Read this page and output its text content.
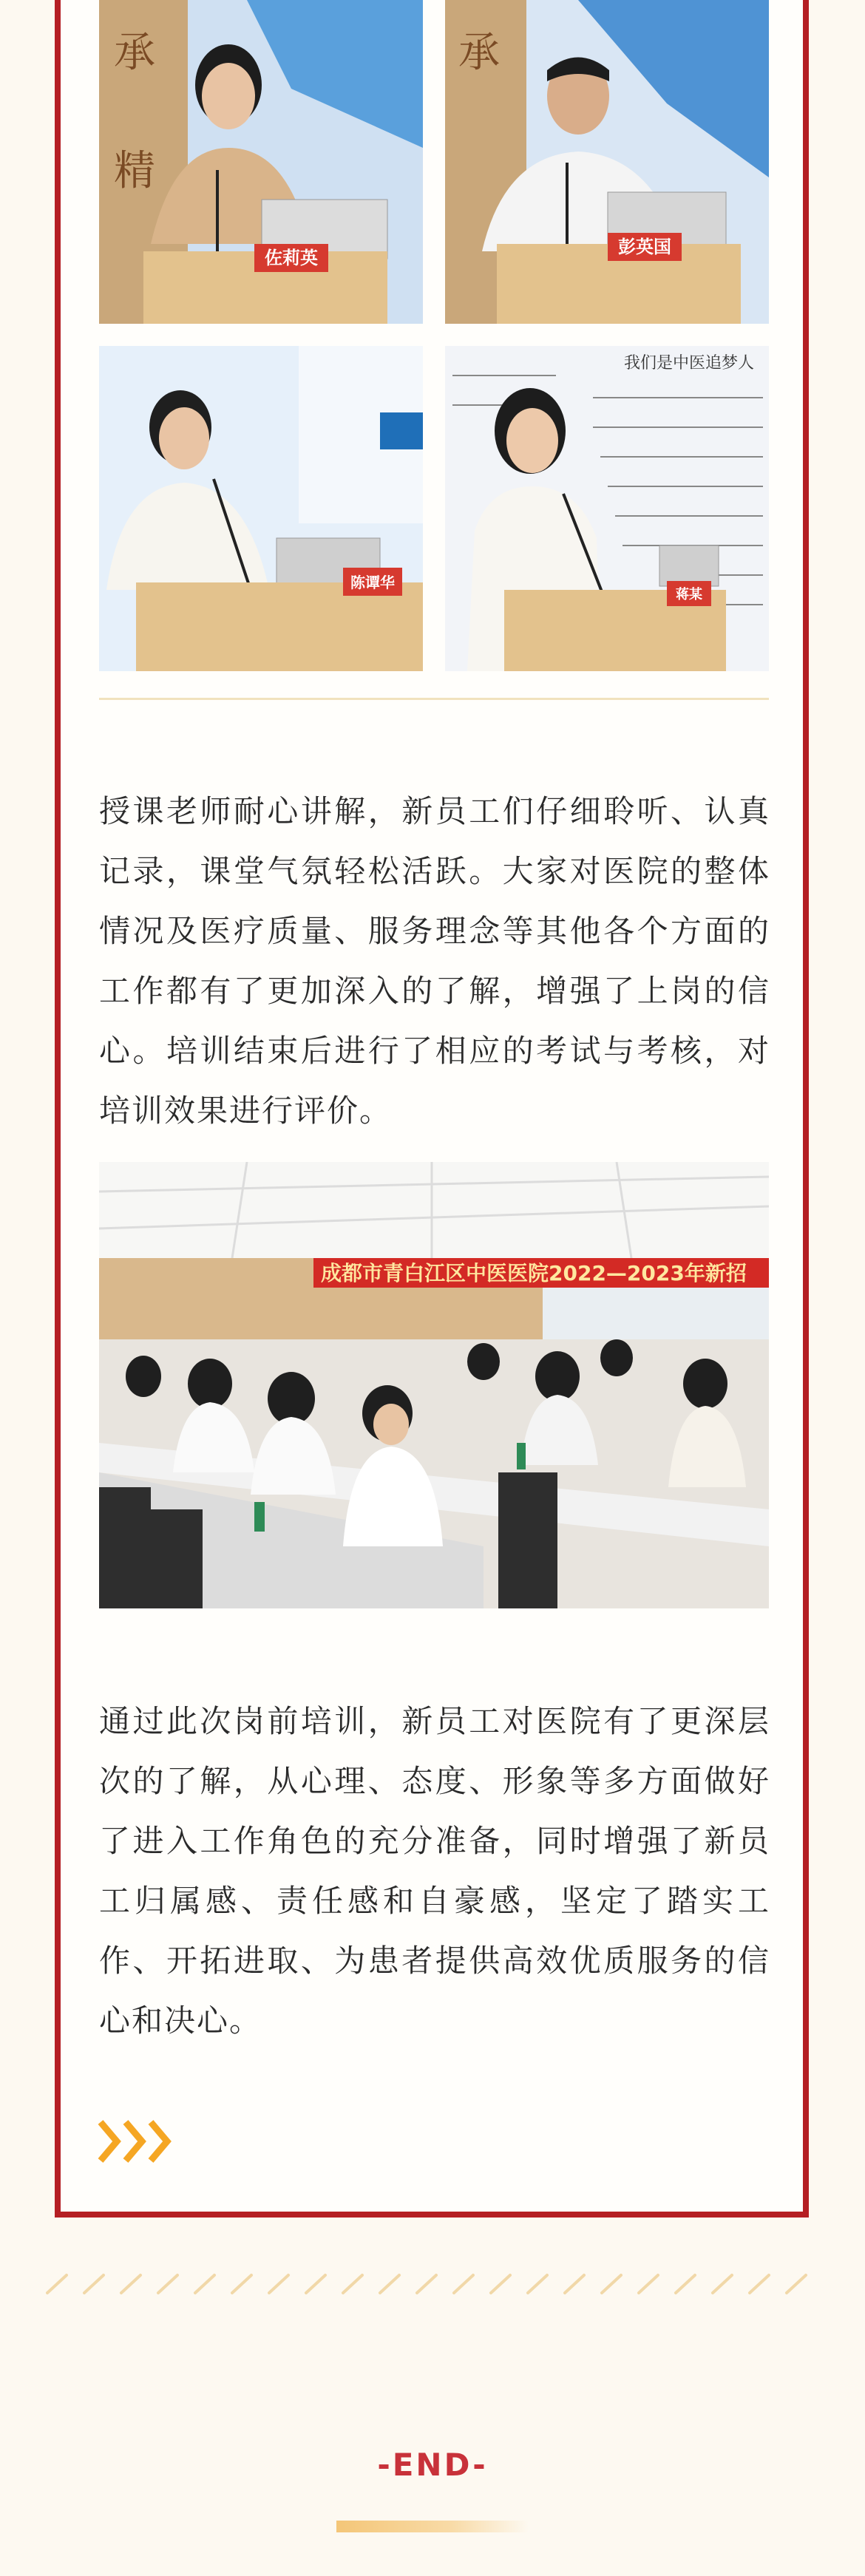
承
精
佐莉英
承
彭英国
陈谭华
我们是中医追梦人
蒋某

授课老师耐心讲解，新员工们仔细聆听、认真记录，课堂气氛轻松活跃。大家对医院的整体情况及医疗质量、服务理念等其他各个方面的工作都有了更加深入的了解，增强了上岗的信心。培训结束后进行了相应的考试与考核，对培训效果进行评价。

成都市青白江区中医医院2022—2023年新招

通过此次岗前培训，新员工对医院有了更深层次的了解，从心理、态度、形象等多方面做好了进入工作角色的充分准备，同时增强了新员工归属感、责任感和自豪感，坚定了踏实工作、开拓进取、为患者提供高效优质服务的信心和决心。

-END-
